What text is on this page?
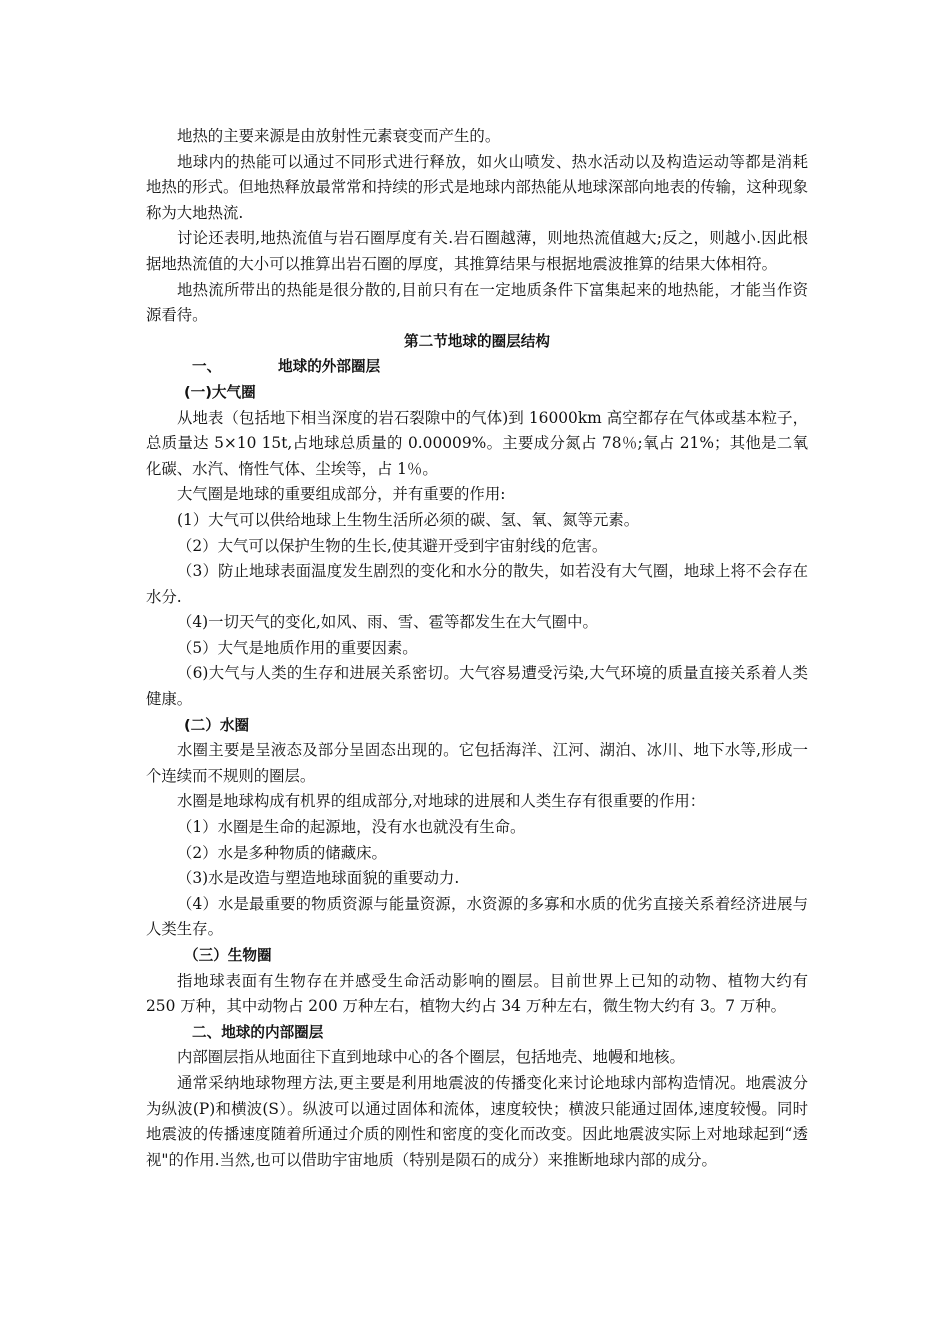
地热的主要来源是由放射性元素衰变而产生的。

地球内的热能可以通过不同形式进行释放，如火山喷发、热水活动以及构造运动等都是消耗地热的形式。但地热释放最常常和持续的形式是地球内部热能从地球深部向地表的传输，这种现象称为大地热流.

讨论还表明,地热流值与岩石圈厚度有关.岩石圈越薄，则地热流值越大;反之，则越小.因此根据地热流值的大小可以推算出岩石圈的厚度，其推算结果与根据地震波推算的结果大体相符。

地热流所带出的热能是很分散的,目前只有在一定地质条件下富集起来的地热能，才能当作资源看待。

第二节地球的圈层结构

一、	地球的外部圈层

(一)大气圈

从地表（包括地下相当深度的岩石裂隙中的气体)到 16000km 高空都存在气体或基本粒子，总质量达 5×10 15t,占地球总质量的 0.00009%。主要成分氮占 78％;氧占 21%；其他是二氧化碳、水汽、惰性气体、尘埃等，占 1％。

大气圈是地球的重要组成部分，并有重要的作用:

(1）大气可以供给地球上生物生活所必须的碳、氢、氧、氮等元素。

（2）大气可以保护生物的生长,使其避开受到宇宙射线的危害。

（3）防止地球表面温度发生剧烈的变化和水分的散失，如若没有大气圈，地球上将不会存在水分.

（4)一切天气的变化,如风、雨、雪、雹等都发生在大气圈中。

（5）大气是地质作用的重要因素。

（6)大气与人类的生存和进展关系密切。大气容易遭受污染,大气环境的质量直接关系着人类健康。

(二）水圈

水圈主要是呈液态及部分呈固态出现的。它包括海洋、江河、湖泊、冰川、地下水等,形成一个连续而不规则的圈层。

水圈是地球构成有机界的组成部分,对地球的进展和人类生存有很重要的作用：

（1）水圈是生命的起源地，没有水也就没有生命。

（2）水是多种物质的储藏床。

（3)水是改造与塑造地球面貌的重要动力.

（4）水是最重要的物质资源与能量资源，水资源的多寡和水质的优劣直接关系着经济进展与人类生存。

（三）生物圈

指地球表面有生物存在并感受生命活动影响的圈层。目前世界上已知的动物、植物大约有 250 万种，其中动物占 200 万种左右，植物大约占 34 万种左右，微生物大约有 3。7 万种。

二、地球的内部圈层

内部圈层指从地面往下直到地球中心的各个圈层，包括地壳、地幔和地核。

通常采纳地球物理方法,更主要是利用地震波的传播变化来讨论地球内部构造情况。地震波分为纵波(P)和横波(S）。纵波可以通过固体和流体，速度较快；横波只能通过固体,速度较慢。同时地震波的传播速度随着所通过介质的刚性和密度的变化而改变。因此地震波实际上对地球起到“透视"的作用.当然,也可以借助宇宙地质（特别是陨石的成分）来推断地球内部的成分。
